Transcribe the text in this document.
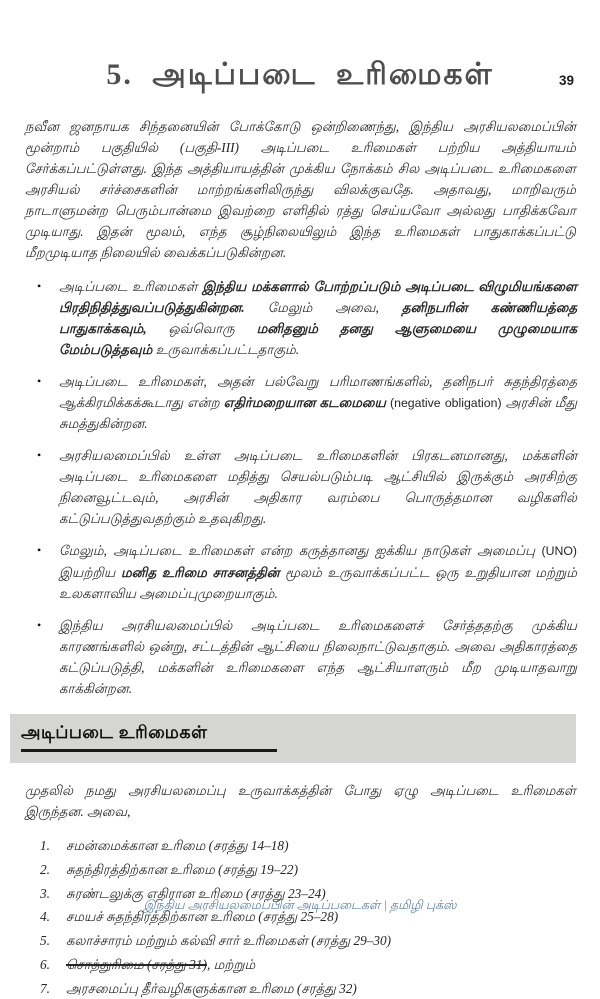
39
5. அடிப்படை உரிமைகள்

நவீன ஜனநாயக சிந்தனையின் போக்கோடு ஒன்றிணைந்து, இந்திய அரசியலமைப்பின் மூன்றாம் பகுதியில் (பகுதி-III) அடிப்படை உரிமைகள் பற்றிய அத்தியாயம் சேர்க்கப்பட்டுள்ளது. இந்த அத்தியாயத்தின் முக்கிய நோக்கம் சில அடிப்படை உரிமைகளை அரசியல் சர்ச்சைகளின் மாற்றங்களிலிருந்து விலக்குவதே. அதாவது, மாறிவரும் நாடாளுமன்ற பெரும்பான்மை இவற்றை எளிதில் ரத்து செய்யவோ அல்லது பாதிக்கவோ முடியாது. இதன் மூலம், எந்த சூழ்நிலையிலும் இந்த உரிமைகள் பாதுகாக்கப்பட்டு மீறமுடியாத நிலையில் வைக்கப்படுகின்றன.

•	அடிப்படை உரிமைகள் இந்திய மக்களால் போற்றப்படும் அடிப்படை விழுமியங்களை பிரதிநிதித்துவப்படுத்துகின்றன. மேலும் அவை, தனிநபரின் கண்ணியத்தை பாதுகாக்கவும், ஒவ்வொரு மனிதனும் தனது ஆளுமையை முழுமையாக மேம்படுத்தவும் உருவாக்கப்பட்டதாகும்.
•	அடிப்படை உரிமைகள், அதன் பல்வேறு பரிமாணங்களில், தனிநபர் சுதந்திரத்தை ஆக்கிரமிக்கக்கூடாது என்ற எதிர்மறையான கடமையை (negative obligation) அரசின் மீது சுமத்துகின்றன.
•	அரசியலமைப்பில் உள்ள அடிப்படை உரிமைகளின் பிரகடனமானது, மக்களின் அடிப்படை உரிமைகளை மதித்து செயல்படும்படி ஆட்சியில் இருக்கும் அரசிற்கு நினைவூட்டவும், அரசின் அதிகார வரம்பை பொருத்தமான வழிகளில் கட்டுப்படுத்துவதற்கும் உதவுகிறது.
•	மேலும், அடிப்படை உரிமைகள் என்ற கருத்தானது ஐக்கிய நாடுகள் அமைப்பு (UNO) இயற்றிய மனித உரிமை சாசனத்தின் மூலம் உருவாக்கப்பட்ட ஒரு உறுதியான மற்றும் உலகளாவிய அமைப்புமுறையாகும்.
•	இந்திய அரசியலமைப்பில் அடிப்படை உரிமைகளைச் சேர்த்ததற்கு முக்கிய காரணங்களில் ஒன்று, சட்டத்தின் ஆட்சியை நிலைநாட்டுவதாகும். அவை அதிகாரத்தை கட்டுப்படுத்தி, மக்களின் உரிமைகளை எந்த ஆட்சியாளரும் மீற முடியாதவாறு காக்கின்றன.
அடிப்படை உரிமைகள்

முதலில் நமது அரசியலமைப்பு உருவாக்கத்தின் போது ஏழு அடிப்படை உரிமைகள் இருந்தன. அவை,

1.	சமன்மைக்கான உரிமை (சரத்து 14–18)
2.	சுதந்திரத்திற்கான உரிமை (சரத்து 19–22)
3.	சுரண்டலுக்கு எதிரான உரிமை (சரத்து 23–24)
4.	சமயச் சுதந்திரத்திற்கான உரிமை (சரத்து 25–28)
5.	கலாச்சாரம் மற்றும் கல்வி சார் உரிமைகள் (சரத்து 29–30)
6.	சொத்துரிமை (சரத்து 31), மற்றும்
7.	அரசமைப்பு தீர்வழிகளுக்கான உரிமை (சரத்து 32)
இந்திய அரசியலமைப்பின் அடிப்படைகள் | தமிழி புக்ஸ்
